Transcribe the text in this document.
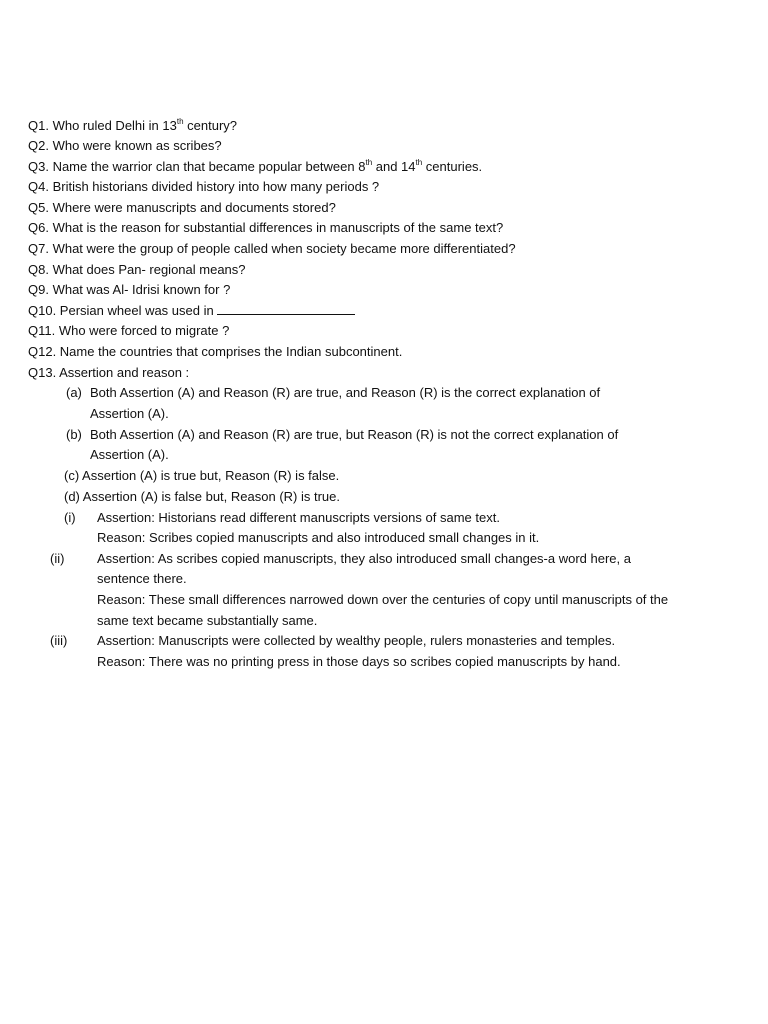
Q1. Who ruled Delhi in 13th century?
Q2. Who were known as scribes?
Q3. Name the warrior clan that became popular between 8th and 14th centuries.
Q4. British historians divided history into how many periods ?
Q5. Where were manuscripts and documents stored?
Q6. What is the reason for substantial differences in manuscripts of the same text?
Q7. What were the group of people called when society became more differentiated?
Q8. What does Pan- regional means?
Q9. What was Al- Idrisi known for ?
Q10. Persian wheel was used in
Q11. Who were forced to migrate ?
Q12. Name the countries that comprises the Indian subcontinent.
Q13. Assertion and reason :
(a) Both Assertion (A) and Reason (R) are true, and Reason (R) is the correct explanation of
Assertion (A).
(b) Both Assertion (A) and Reason (R) are true, but Reason (R) is not the correct explanation of
Assertion (A).
(c) Assertion (A) is true but, Reason (R) is false.
(d) Assertion (A) is false but, Reason (R) is true.
(i) Assertion: Historians read different manuscripts versions of same text.
Reason: Scribes copied manuscripts and also introduced small changes in it.
(ii)	Assertion: As scribes copied manuscripts, they also introduced small changes-a word here, a
sentence there.
Reason: These small differences narrowed down over the centuries of copy until manuscripts of the
same text became substantially same.
(iii) Assertion: Manuscripts were collected by wealthy people, rulers monasteries and temples.
Reason: There was no printing press in those days so scribes copied manuscripts by hand.
